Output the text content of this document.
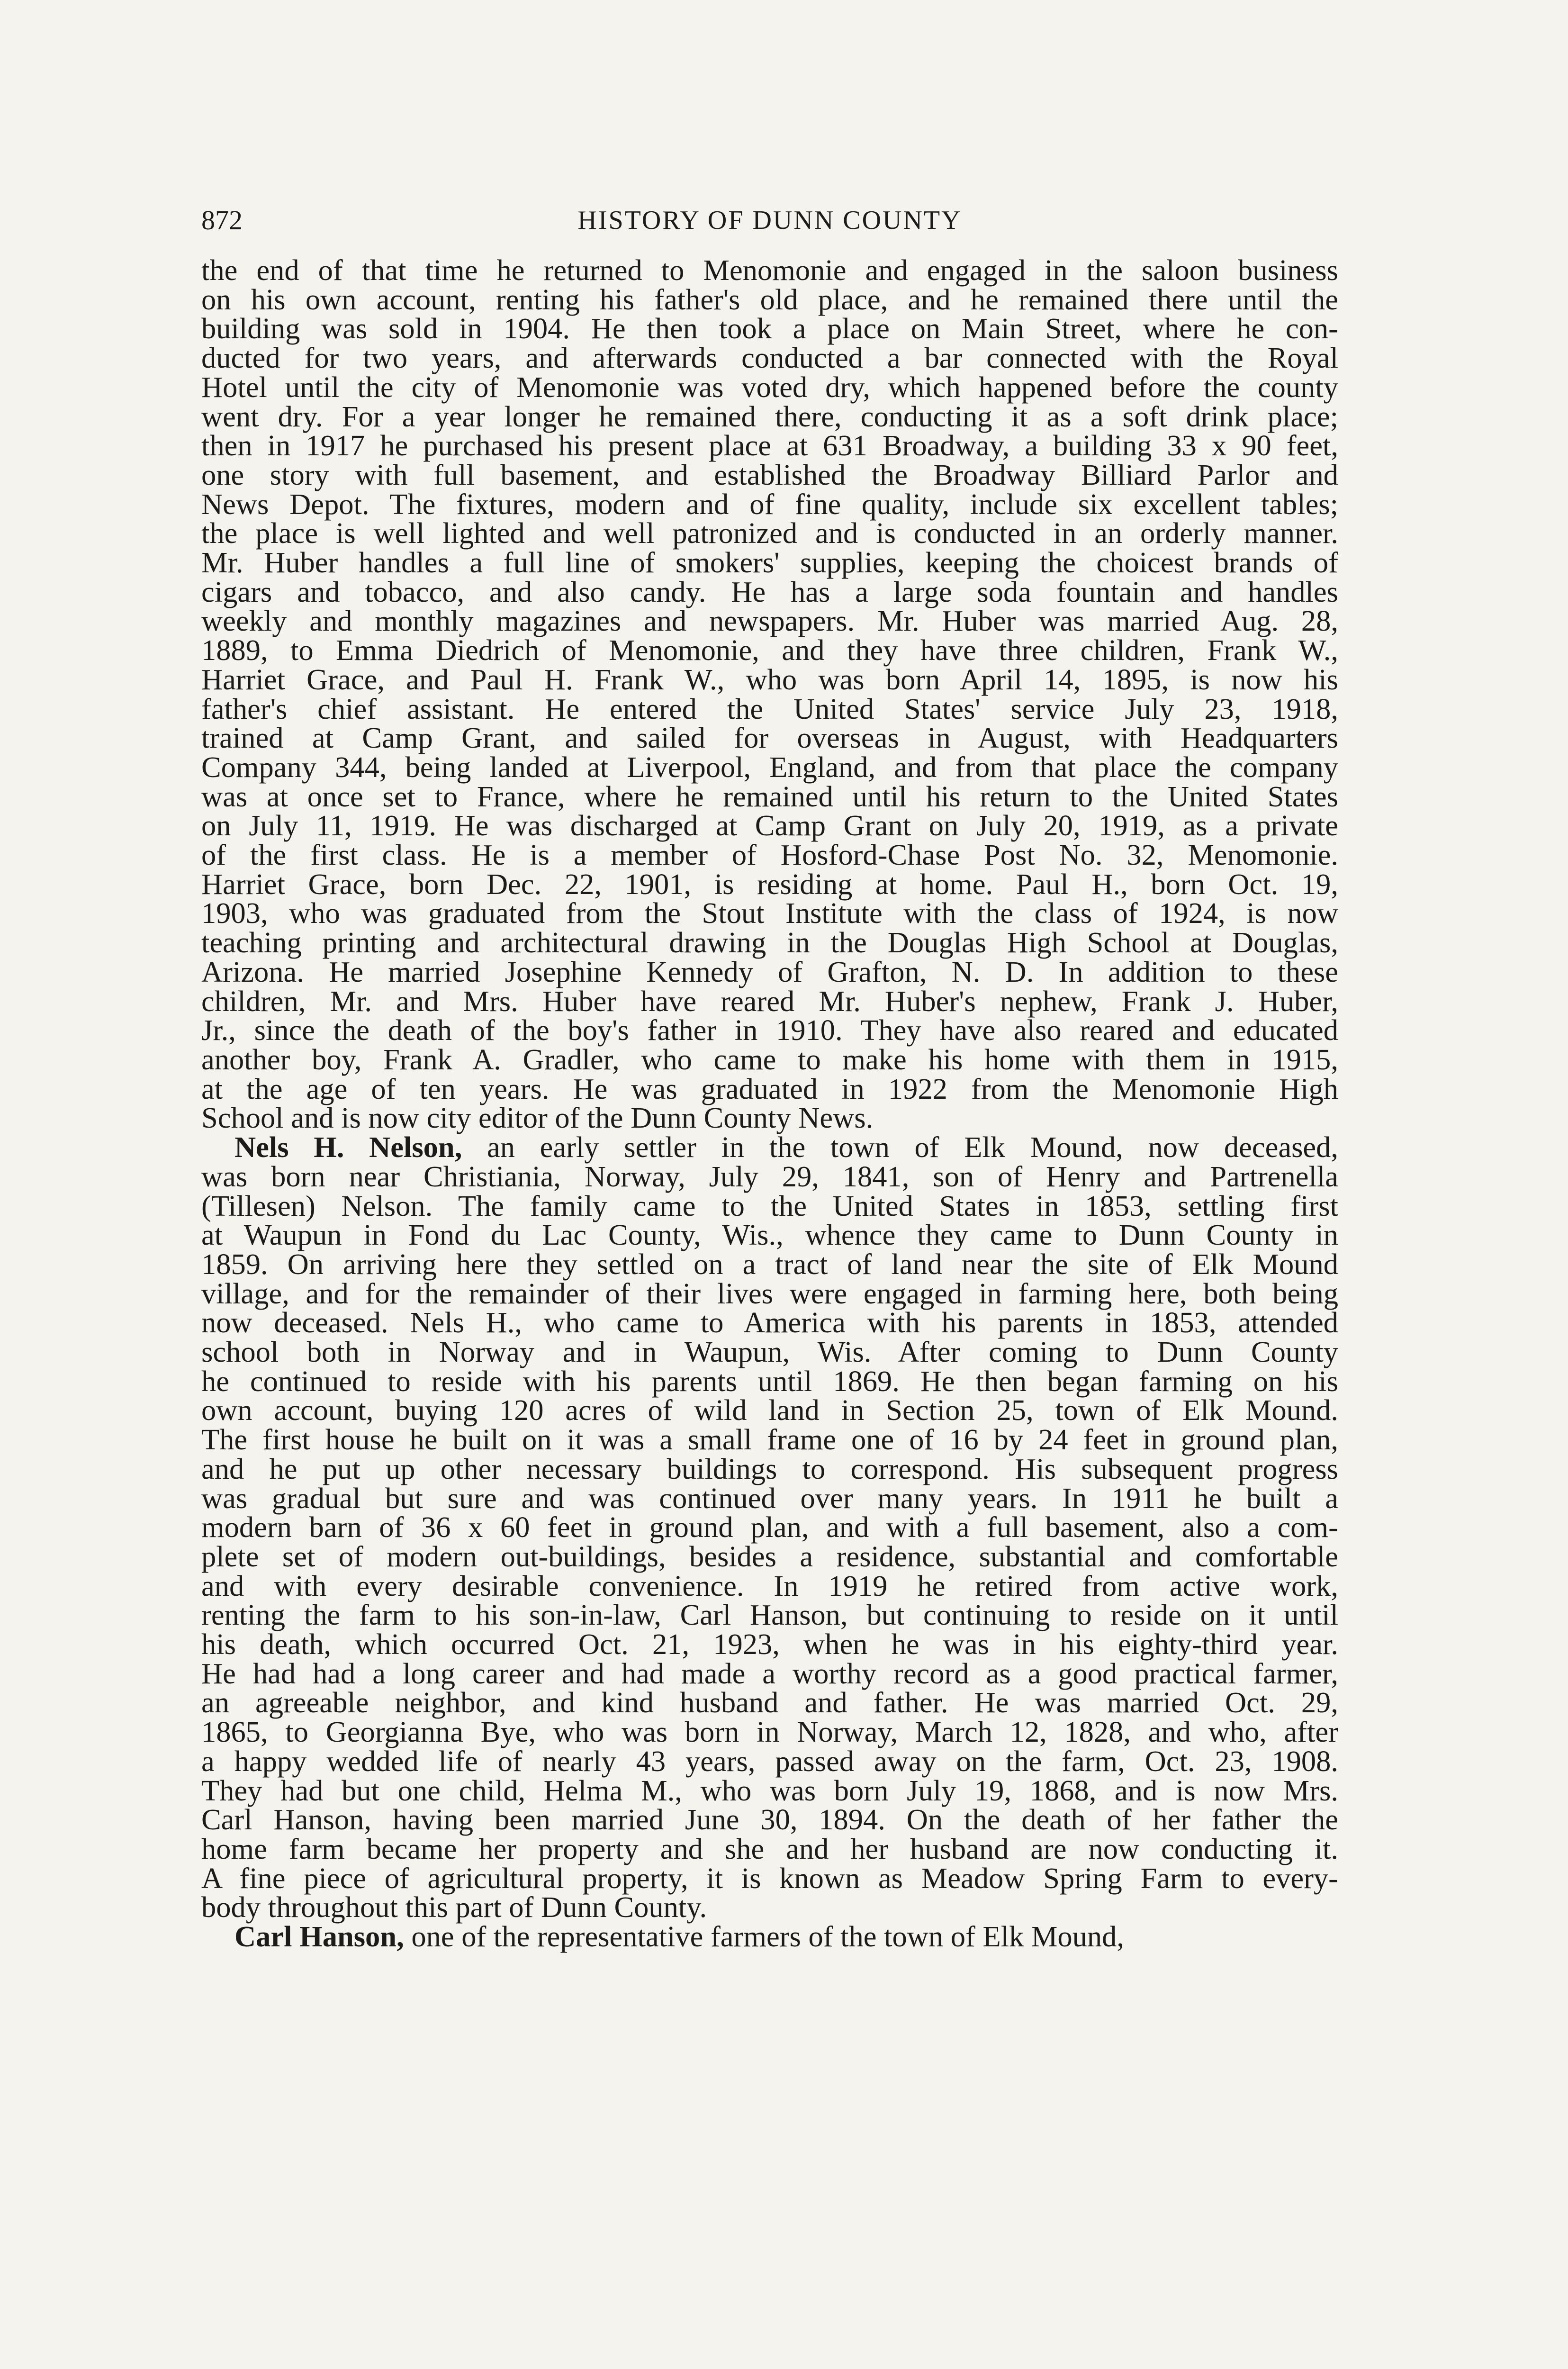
872	HISTORY OF DUNN COUNTY
the end of that time he returned to Menomonie and engaged in the saloon business
on his own account, renting his father's old place, and he remained there until the
building was sold in 1904. He then took a place on Main Street, where he con-
ducted for two years, and afterwards conducted a bar connected with the Royal
Hotel until the city of Menomonie was voted dry, which happened before the county
went dry. For a year longer he remained there, conducting it as a soft drink place;
then in 1917 he purchased his present place at 631 Broadway, a building 33 x 90 feet,
one story with full basement, and established the Broadway Billiard Parlor and
News Depot. The fixtures, modern and of fine quality, include six excellent tables;
the place is well lighted and well patronized and is conducted in an orderly manner.
Mr. Huber handles a full line of smokers' supplies, keeping the choicest brands of
cigars and tobacco, and also candy. He has a large soda fountain and handles
weekly and monthly magazines and newspapers. Mr. Huber was married Aug. 28,
1889, to Emma Diedrich of Menomonie, and they have three children, Frank W.,
Harriet Grace, and Paul H. Frank W., who was born April 14, 1895, is now his
father's chief assistant. He entered the United States' service July 23, 1918,
trained at Camp Grant, and sailed for overseas in August, with Headquarters
Company 344, being landed at Liverpool, England, and from that place the company
was at once set to France, where he remained until his return to the United States
on July 11, 1919. He was discharged at Camp Grant on July 20, 1919, as a private
of the first class. He is a member of Hosford-Chase Post No. 32, Menomonie.
Harriet Grace, born Dec. 22, 1901, is residing at home. Paul H., born Oct. 19,
1903, who was graduated from the Stout Institute with the class of 1924, is now
teaching printing and architectural drawing in the Douglas High School at Douglas,
Arizona. He married Josephine Kennedy of Grafton, N. D. In addition to these
children, Mr. and Mrs. Huber have reared Mr. Huber's nephew, Frank J. Huber,
Jr., since the death of the boy's father in 1910. They have also reared and educated
another boy, Frank A. Gradler, who came to make his home with them in 1915,
at the age of ten years. He was graduated in 1922 from the Menomonie High
School and is now city editor of the Dunn County News.
Nels H. Nelson, an early settler in the town of Elk Mound, now deceased,
was born near Christiania, Norway, July 29, 1841, son of Henry and Partrenella
(Tillesen) Nelson. The family came to the United States in 1853, settling first
at Waupun in Fond du Lac County, Wis., whence they came to Dunn County in
1859. On arriving here they settled on a tract of land near the site of Elk Mound
village, and for the remainder of their lives were engaged in farming here, both being
now deceased. Nels H., who came to America with his parents in 1853, attended
school both in Norway and in Waupun, Wis. After coming to Dunn County
he continued to reside with his parents until 1869. He then began farming on his
own account, buying 120 acres of wild land in Section 25, town of Elk Mound.
The first house he built on it was a small frame one of 16 by 24 feet in ground plan,
and he put up other necessary buildings to correspond. His subsequent progress
was gradual but sure and was continued over many years. In 1911 he built a
modern barn of 36 x 60 feet in ground plan, and with a full basement, also a com-
plete set of modern out-buildings, besides a residence, substantial and comfortable
and with every desirable convenience. In 1919 he retired from active work,
renting the farm to his son-in-law, Carl Hanson, but continuing to reside on it until
his death, which occurred Oct. 21, 1923, when he was in his eighty-third year.
He had had a long career and had made a worthy record as a good practical farmer,
an agreeable neighbor, and kind husband and father. He was married Oct. 29,
1865, to Georgianna Bye, who was born in Norway, March 12, 1828, and who, after
a happy wedded life of nearly 43 years, passed away on the farm, Oct. 23, 1908.
They had but one child, Helma M., who was born July 19, 1868, and is now Mrs.
Carl Hanson, having been married June 30, 1894. On the death of her father the
home farm became her property and she and her husband are now conducting it.
A fine piece of agricultural property, it is known as Meadow Spring Farm to every-
body throughout this part of Dunn County.
Carl Hanson, one of the representative farmers of the town of Elk Mound,
